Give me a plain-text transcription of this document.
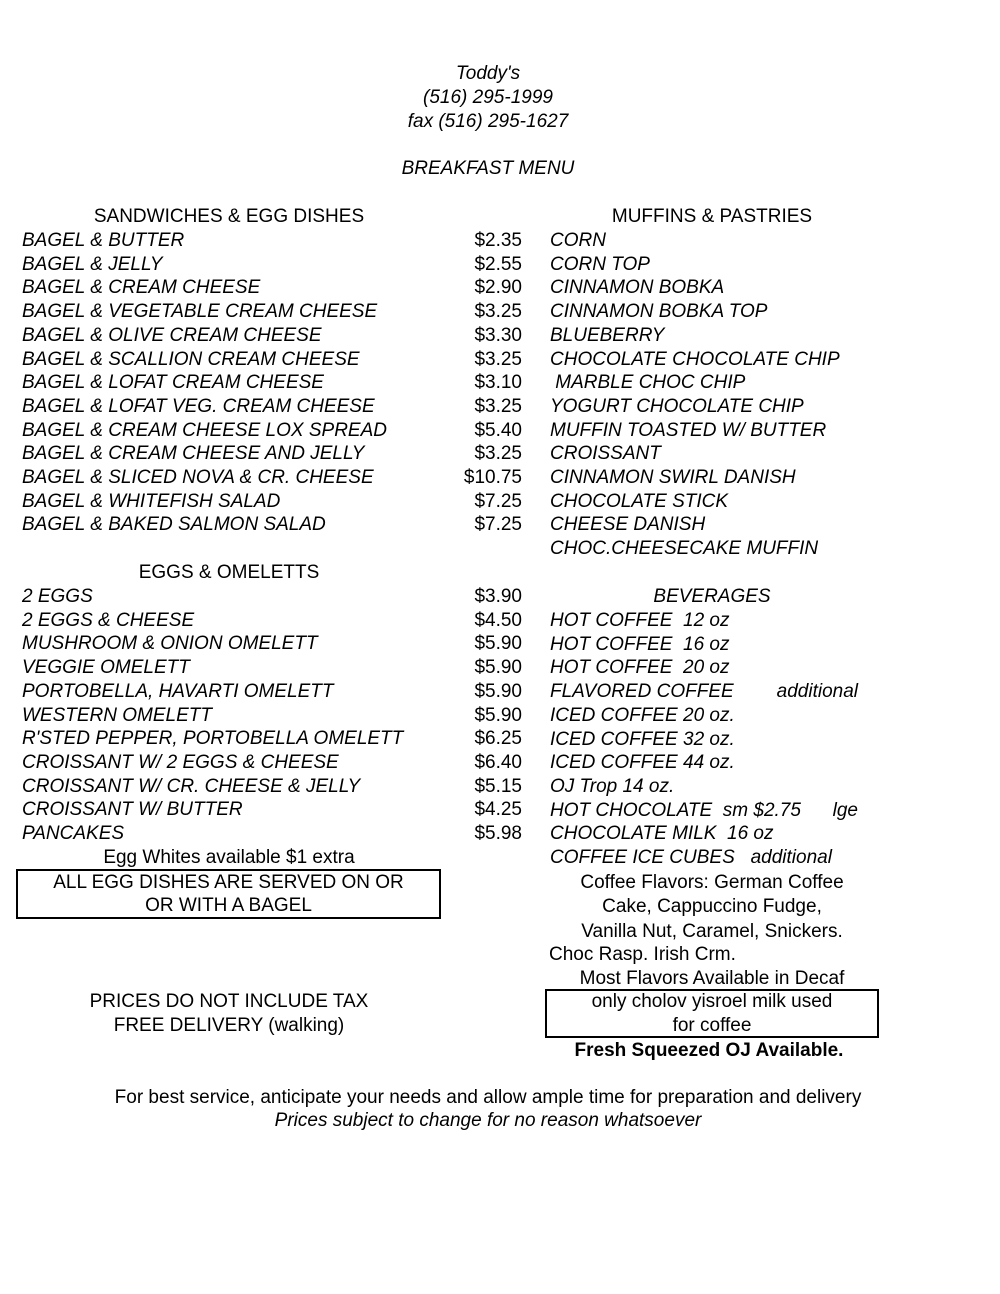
Toddy's
(516) 295-1999
fax (516) 295-1627
BREAKFAST MENU
SANDWICHES & EGG DISHES	MUFFINS & PASTRIES
BAGEL & BUTTER	$2.35
BAGEL & JELLY	$2.55
BAGEL & CREAM CHEESE	$2.90
BAGEL & VEGETABLE CREAM CHEESE	$3.25
BAGEL & OLIVE CREAM CHEESE	$3.30
BAGEL & SCALLION CREAM CHEESE	$3.25
BAGEL & LOFAT CREAM CHEESE	$3.10
BAGEL & LOFAT VEG. CREAM CHEESE	$3.25
BAGEL & CREAM CHEESE LOX SPREAD	$5.40
BAGEL & CREAM CHEESE AND JELLY	$3.25
BAGEL & SLICED NOVA & CR. CHEESE	$10.75
BAGEL & WHITEFISH SALAD	$7.25
BAGEL & BAKED SALMON SALAD	$7.25
CORN
CORN TOP
CINNAMON BOBKA
CINNAMON BOBKA TOP
BLUEBERRY
CHOCOLATE CHOCOLATE CHIP
MARBLE CHOC CHIP
YOGURT CHOCOLATE CHIP
MUFFIN TOASTED W/ BUTTER
CROISSANT
CINNAMON SWIRL DANISH
CHOCOLATE STICK
CHEESE DANISH
CHOC.CHEESECAKE MUFFIN
EGGS & OMELETTS
BEVERAGES
2 EGGS	$3.90
2 EGGS & CHEESE	$4.50
MUSHROOM & ONION OMELETT	$5.90
VEGGIE OMELETT	$5.90
PORTOBELLA, HAVARTI OMELETT	$5.90
WESTERN OMELETT	$5.90
R'STED PEPPER, PORTOBELLA OMELETT	$6.25
CROISSANT W/ 2 EGGS & CHEESE	$6.40
CROISSANT W/ CR. CHEESE & JELLY	$5.15
CROISSANT W/ BUTTER	$4.25
PANCAKES	$5.98
HOT COFFEE  12 oz
HOT COFFEE  16 oz
HOT COFFEE  20 oz
FLAVORED COFFEE	additional
ICED COFFEE 20 oz.
ICED COFFEE 32 oz.
ICED COFFEE 44 oz.
OJ Trop 14 oz.
HOT CHOCOLATE  sm $2.75	lge
CHOCOLATE MILK  16 oz
COFFEE ICE CUBES   additional
Egg Whites available $1 extra
ALL EGG DISHES ARE SERVED ON OR
OR WITH A BAGEL
Coffee Flavors: German Coffee
Cake, Cappuccino Fudge,
Vanilla Nut, Caramel, Snickers.
Choc Rasp. Irish Crm.
Most Flavors Available in Decaf
only cholov yisroel milk used
for coffee
Fresh Squeezed OJ Available.
PRICES DO NOT INCLUDE TAX
FREE DELIVERY (walking)
For best service, anticipate your needs and allow ample time for preparation and delivery
Prices subject to change for no reason whatsoever
